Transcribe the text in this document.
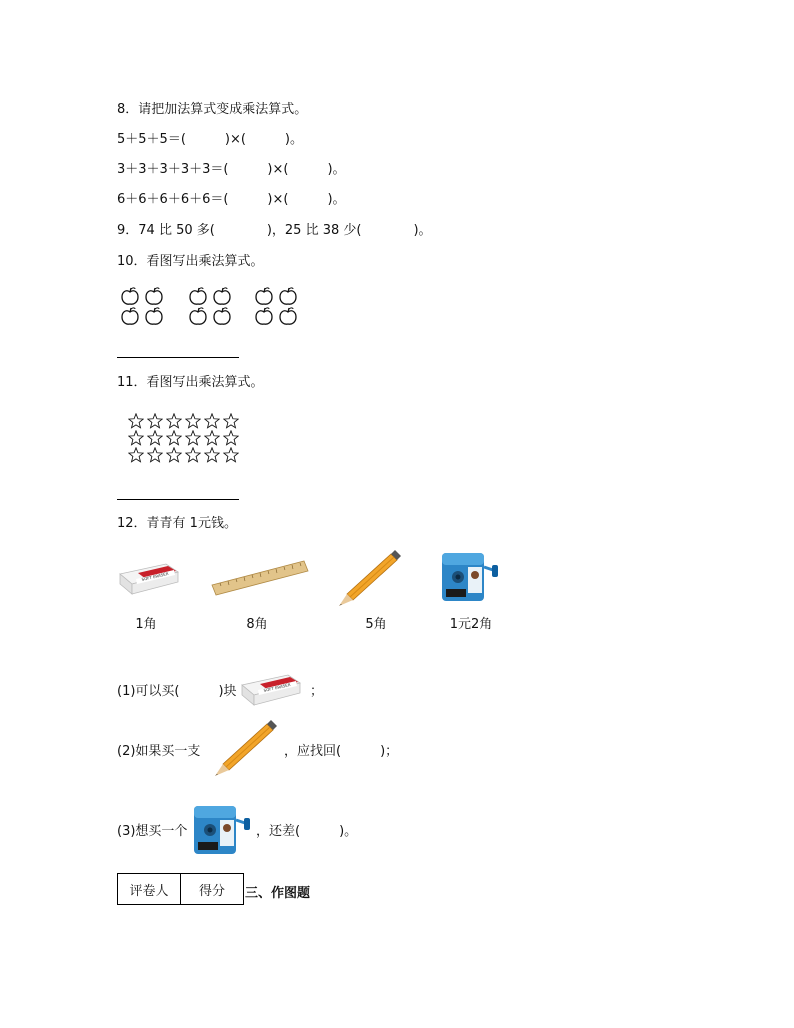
8．请把加法算式变成乘法算式。
5＋5＋5＝(　　　)×(　　　)。
3＋3＋3＋3＋3＝(　　　)×(　　　)。
6＋6＋6＋6＋6＝(　　　)×(　　　)。
9．74 比 50 多(　　　　)，25 比 38 少(　　　　)。
10．看图写出乘法算式。
11．看图写出乘法算式。
12．青青有 1元钱。
1角	8角	5角	1元2角
(1)可以买(　　　)块	；
(2)如果买一支	，应找回(　　　)；
(3)想买一个	，还差(　　　)。
评卷人	得分 三、作图题
